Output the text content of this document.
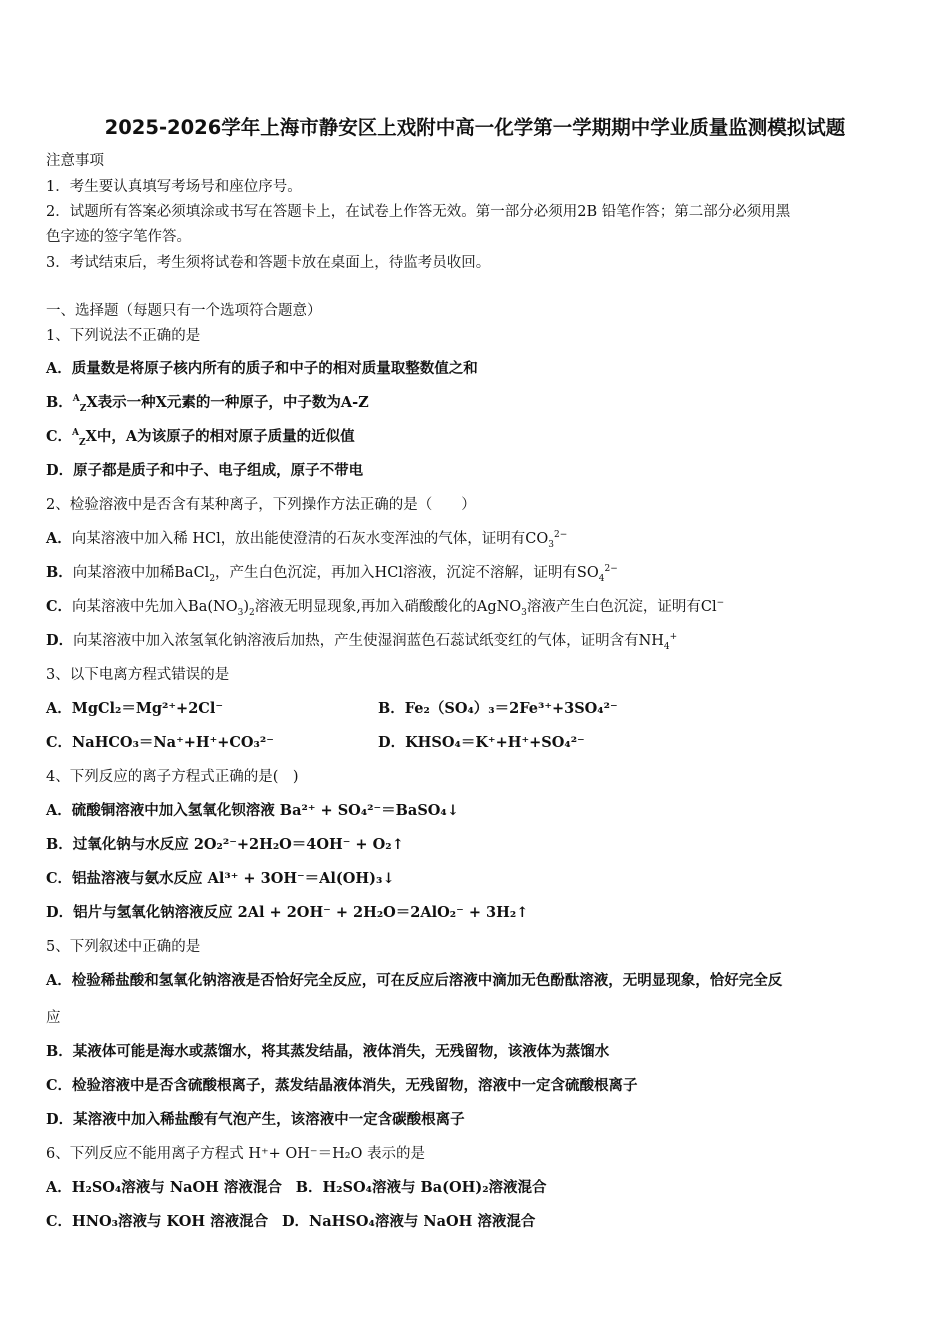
2025-2026学年上海市静安区上戏附中高一化学第一学期期中学业质量监测模拟试题
注意事项
1．考生要认真填写考场号和座位序号。
2．试题所有答案必须填涂或书写在答题卡上，在试卷上作答无效。第一部分必须用2B 铅笔作答；第二部分必须用黑
色字迹的签字笔作答。
3．考试结束后，考生须将试卷和答题卡放在桌面上，待监考员收回。
一、选择题（每题只有一个选项符合题意）
1、下列说法不正确的是
A．质量数是将原子核内所有的质子和中子的相对质量取整数值之和
B．$^A_Z$X表示一种X元素的一种原子，中子数为A-Z
C．$^A_Z$X中，A为该原子的相对原子质量的近似值
D．原子都是质子和中子、电子组成，原子不带电
2、检验溶液中是否含有某种离子，下列操作方法正确的是（　　）
A．向某溶液中加入稀 HCl，放出能使澄清的石灰水变浑浊的气体，证明有$CO_3^{2-}$
B．向某溶液中加稀BaCl$_2$，产生白色沉淀，再加入HCl溶液，沉淀不溶解，证明有$SO_4^{2-}$
C．向某溶液中先加入$Ba(NO_3)_2$溶液无明显现象,再加入硝酸酸化的AgNO$_3$溶液产生白色沉淀，证明有Cl−
D．向某溶液中加入浓氢氧化钠溶液后加热，产生使湿润蓝色石蕊试纸变红的气体，证明含有$NH_4^+$
3、以下电离方程式错误的是
A．MgCl₂＝Mg²⁺+2Cl⁻	B．Fe₂（SO₄）₃＝2Fe³⁺+3SO₄²⁻
C．NaHCO₃＝Na⁺+H⁺+CO₃²⁻	D．KHSO₄＝K⁺+H⁺+SO₄²⁻
4、下列反应的离子方程式正确的是(　)
A．硫酸铜溶液中加入氢氧化钡溶液 Ba²⁺ + SO₄²⁻＝BaSO₄↓
B．过氧化钠与水反应 2O₂²⁻+2H₂O＝4OH⁻ + O₂↑
C．铝盐溶液与氨水反应 Al³⁺ + 3OH⁻＝Al(OH)₃↓
D．铝片与氢氧化钠溶液反应 2Al + 2OH⁻ + 2H₂O＝2AlO₂⁻ + 3H₂↑
5、下列叙述中正确的是
A．检验稀盐酸和氢氧化钠溶液是否恰好完全反应，可在反应后溶液中滴加无色酚酞溶液，无明显现象，恰好完全反
应
B．某液体可能是海水或蒸馏水，将其蒸发结晶，液体消失，无残留物，该液体为蒸馏水
C．检验溶液中是否含硫酸根离子，蒸发结晶液体消失，无残留物，溶液中一定含硫酸根离子
D．某溶液中加入稀盐酸有气泡产生，该溶液中一定含碳酸根离子
6、下列反应不能用离子方程式 H⁺+ OH⁻＝H₂O 表示的是
A．H₂SO₄溶液与 NaOH 溶液混合 B．H₂SO₄溶液与 Ba(OH)₂溶液混合
C．HNO₃溶液与 KOH 溶液混合 D．NaHSO₄溶液与 NaOH 溶液混合
